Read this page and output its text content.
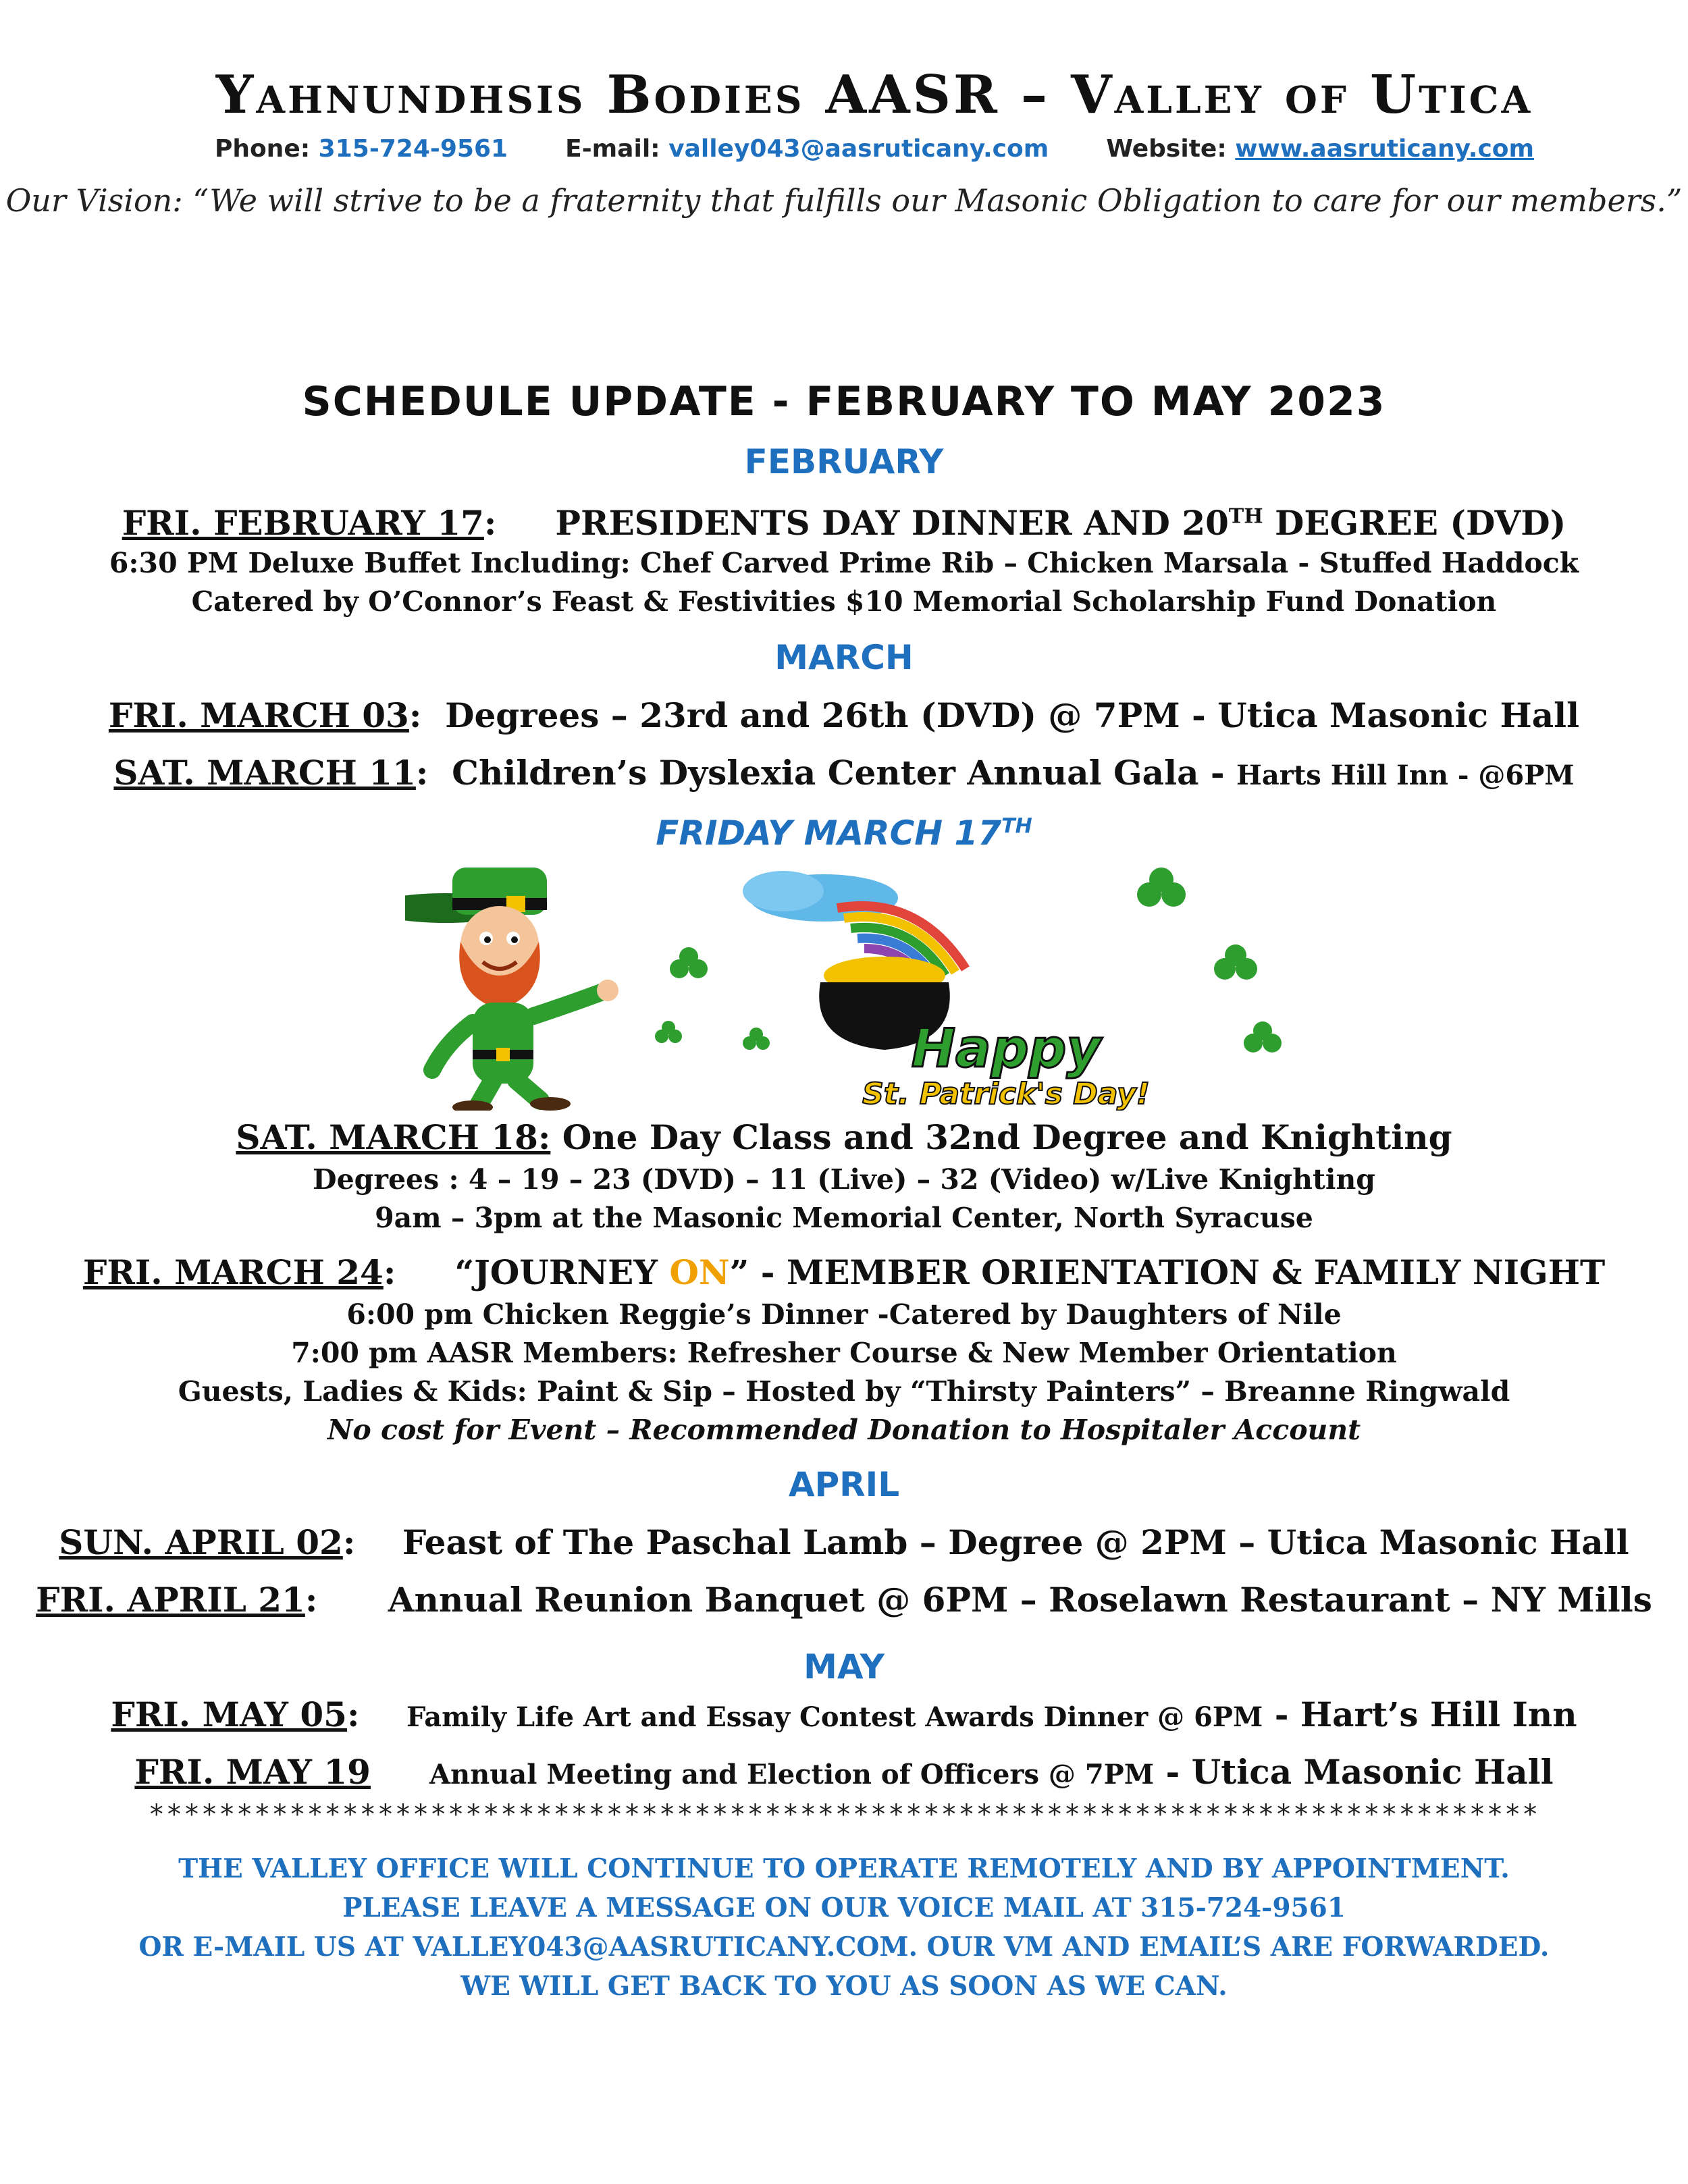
Yahnundhsis Bodies AASR – Valley of Utica
Phone: 315-724-9561 E-mail: valley043@aasruticany.com Website: www.aasruticany.com
Our Vision: “We will strive to be a fraternity that fulfills our Masonic Obligation to care for our members.”
SCHEDULE UPDATE - FEBRUARY TO MAY 2023
FEBRUARY
FRI. FEBRUARY 17:     PRESIDENTS DAY DINNER AND 20TH DEGREE (DVD)
6:30 PM Deluxe Buffet Including: Chef Carved Prime Rib – Chicken Marsala - Stuffed Haddock
Catered by O’Connor’s Feast & Festivities $10 Memorial Scholarship Fund Donation
MARCH
FRI. MARCH 03:  Degrees – 23rd and 26th (DVD) @ 7PM - Utica Masonic Hall
SAT. MARCH 11:  Children’s Dyslexia Center Annual Gala - Harts Hill Inn - @6PM
FRIDAY MARCH 17TH
Happy
St. Patrick's Day!
SAT. MARCH 18: One Day Class and 32nd Degree and Knighting
Degrees : 4 – 19 – 23 (DVD) – 11 (Live) – 32 (Video) w/Live Knighting
9am – 3pm at the Masonic Memorial Center, North Syracuse
FRI. MARCH 24:     “JOURNEY ON” - MEMBER ORIENTATION & FAMILY NIGHT
6:00 pm Chicken Reggie’s Dinner -Catered by Daughters of Nile
7:00 pm AASR Members: Refresher Course & New Member Orientation
Guests, Ladies & Kids: Paint & Sip – Hosted by “Thirsty Painters” – Breanne Ringwald
No cost for Event – Recommended Donation to Hospitaler Account
APRIL
SUN. APRIL 02:    Feast of The Paschal Lamb – Degree @ 2PM – Utica Masonic Hall
FRI. APRIL 21:      Annual Reunion Banquet @ 6PM – Roselawn Restaurant – NY Mills
MAY
FRI. MAY 05:    Family Life Art and Essay Contest Awards Dinner @ 6PM - Hart’s Hill Inn
FRI. MAY 19 Annual Meeting and Election of Officers @ 7PM - Utica Masonic Hall
*******************************************************************************
THE VALLEY OFFICE WILL CONTINUE TO OPERATE REMOTELY AND BY APPOINTMENT.
PLEASE LEAVE A MESSAGE ON OUR VOICE MAIL AT 315-724-9561
OR E-MAIL US AT VALLEY043@AASRUTICANY.COM. OUR VM AND EMAIL’S ARE FORWARDED.
WE WILL GET BACK TO YOU AS SOON AS WE CAN.
